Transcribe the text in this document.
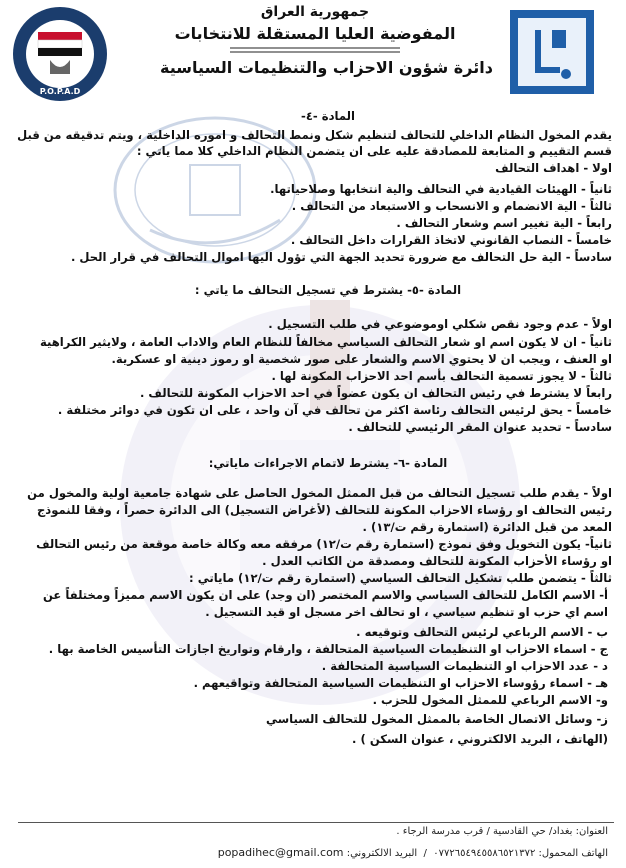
جمهورية العراق
المفوضية العليا المستقلة للانتخابات
دائرة شؤون الاحزاب والتنظيمات السياسية
P.O.P.A.D
المادة -٤-
يقدم المخول النظام الداخلي للتحالف لتنظيم شكل ونمط التحالف و اموره الداخلية ، ويتم تدقيقه من قبل
قسم التقييم و المتابعة للمصادقة عليه على ان يتضمن النظام الداخلي كلا مما ياتي :
اولا - اهداف التحالف
ثانياً - الهيئات القيادية في التحالف والية انتخابها وصلاحياتها.
ثالثاً - الية الانضمام و الانسحاب و الاستبعاد من التحالف .
رابعاً - الية تغيير اسم وشعار التحالف .
خامساً - النصاب القانوني لاتخاذ القرارات داخل التحالف .
سادساً - الية حل التحالف مع ضرورة تحديد الجهة التي تؤول اليها اموال التحالف في قرار الحل .
المادة -٥- يشترط في تسجيل التحالف ما ياتي :
اولاً - عدم وجود نقص شكلي اوموضوعي في طلب التسجيل .
ثانياً - ان لا يكون اسم او شعار التحالف السياسي مخالفاً للنظام العام والاداب العامة ، ولايثير الكراهية
او العنف ، ويجب ان لا يحتوي الاسم والشعار على صور شخصية او رموز دينية او عسكرية.
ثالثاً - لا يجوز تسمية التحالف بأسم احد الاحزاب المكونة لها .
رابعاً لا يشترط في رئيس التحالف ان يكون عضواً في احد الاحزاب المكونة للتحالف .
خامساً - يحق لرئيس التحالف رئاسة اكثر من تحالف في آن واحد ، على ان تكون في دوائر مختلفة .
سادساً - تحديد عنوان المقر الرئيسي للتحالف .
المادة -٦- يشترط لاتمام الاجراءات ماياتي:
اولاً - يقدم طلب تسجيل التحالف من قبل الممثل المخول الحاصل على شهادة جامعية اولية والمخول من
رئيس التحالف او رؤساء الاحزاب المكونة للتحالف (لأغراض التسجيل) الى الدائرة حصراً ، وفقا للنموذج
المعد من قبل الدائرة (استمارة رقم ت/١٣) .
ثانياً- يكون التخويل وفق نموذج (استمارة رقم ت/١٢) مرفقه معه وكالة خاصة موقعة من رئيس التحالف
او رؤساء الأحزاب المكونة للتحالف ومصدقة من الكاتب العدل .
ثالثاً - يتضمن طلب تشكيل التحالف السياسي (استمارة رقم ت/١٢) ماياتي :
أ- الاسم الكامل للتحالف السياسي والاسم المختصر (ان وجد) على ان يكون الاسم مميزاً ومختلفاً عن
اسم اي حزب او تنظيم سياسي ، او تحالف اخر مسجل او قيد التسجيل .
ب - الاسم الرباعي لرئيس التحالف وتوقيعه .
ج - اسماء الاحزاب او التنظيمات السياسية المتحالفة ، وارقام وتواريخ اجازات التأسيس الخاصة بها .
د - عدد الاحزاب او التنظيمات السياسية المتحالفة .
هـ - اسماء رؤوساء الاحزاب او التنظيمات السياسية المتحالفة وتواقيعهم .
و- الاسم الرباعي للممثل المخول للحزب .
ز- وسائل الاتصال الخاصة بالممثل المخول للتحالف السياسي
(الهاتف ، البريد الالكتروني ، عنوان السكن ) .
العنوان: بغداد/ حي القادسية / قرب مدرسة الرجاء .
الهاتف المحمول: ٠٧٧٢٦٥٤٩٤٥٥٨٦٥٢١٣٧٢  /  البريد الالكتروني: popadihec@gmail.com
